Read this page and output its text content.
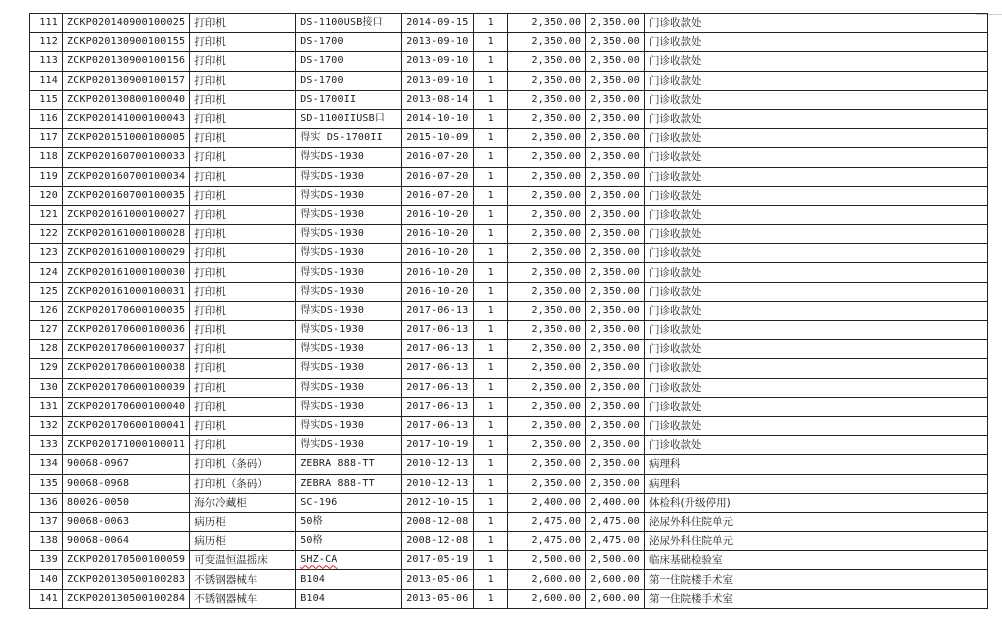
111	ZCKP020140900100025	打印机	DS-1100USB接口	2014-09-15	1	2,350.00	2,350.00	门诊收款处
112	ZCKP020130900100155	打印机	DS-1700	2013-09-10	1	2,350.00	2,350.00	门诊收款处
113	ZCKP020130900100156	打印机	DS-1700	2013-09-10	1	2,350.00	2,350.00	门诊收款处
114	ZCKP020130900100157	打印机	DS-1700	2013-09-10	1	2,350.00	2,350.00	门诊收款处
115	ZCKP020130800100040	打印机	DS-1700II	2013-08-14	1	2,350.00	2,350.00	门诊收款处
116	ZCKP020141000100043	打印机	SD-1100IIUSB口	2014-10-10	1	2,350.00	2,350.00	门诊收款处
117	ZCKP020151000100005	打印机	得实 DS-1700II	2015-10-09	1	2,350.00	2,350.00	门诊收款处
118	ZCKP020160700100033	打印机	得实DS-1930	2016-07-20	1	2,350.00	2,350.00	门诊收款处
119	ZCKP020160700100034	打印机	得实DS-1930	2016-07-20	1	2,350.00	2,350.00	门诊收款处
120	ZCKP020160700100035	打印机	得实DS-1930	2016-07-20	1	2,350.00	2,350.00	门诊收款处
121	ZCKP020161000100027	打印机	得实DS-1930	2016-10-20	1	2,350.00	2,350.00	门诊收款处
122	ZCKP020161000100028	打印机	得实DS-1930	2016-10-20	1	2,350.00	2,350.00	门诊收款处
123	ZCKP020161000100029	打印机	得实DS-1930	2016-10-20	1	2,350.00	2,350.00	门诊收款处
124	ZCKP020161000100030	打印机	得实DS-1930	2016-10-20	1	2,350.00	2,350.00	门诊收款处
125	ZCKP020161000100031	打印机	得实DS-1930	2016-10-20	1	2,350.00	2,350.00	门诊收款处
126	ZCKP020170600100035	打印机	得实DS-1930	2017-06-13	1	2,350.00	2,350.00	门诊收款处
127	ZCKP020170600100036	打印机	得实DS-1930	2017-06-13	1	2,350.00	2,350.00	门诊收款处
128	ZCKP020170600100037	打印机	得实DS-1930	2017-06-13	1	2,350.00	2,350.00	门诊收款处
129	ZCKP020170600100038	打印机	得实DS-1930	2017-06-13	1	2,350.00	2,350.00	门诊收款处
130	ZCKP020170600100039	打印机	得实DS-1930	2017-06-13	1	2,350.00	2,350.00	门诊收款处
131	ZCKP020170600100040	打印机	得实DS-1930	2017-06-13	1	2,350.00	2,350.00	门诊收款处
132	ZCKP020170600100041	打印机	得实DS-1930	2017-06-13	1	2,350.00	2,350.00	门诊收款处
133	ZCKP020171000100011	打印机	得实DS-1930	2017-10-19	1	2,350.00	2,350.00	门诊收款处
134	90068-0967	打印机（条码）	ZEBRA 888-TT	2010-12-13	1	2,350.00	2,350.00	病理科
135	90068-0968	打印机（条码）	ZEBRA 888-TT	2010-12-13	1	2,350.00	2,350.00	病理科
136	80026-0050	海尔冷藏柜	SC-196	2012-10-15	1	2,400.00	2,400.00	体检科(升级停用)
137	90068-0063	病历柜	50格	2008-12-08	1	2,475.00	2,475.00	泌尿外科住院单元
138	90068-0064	病历柜	50格	2008-12-08	1	2,475.00	2,475.00	泌尿外科住院单元
139	ZCKP020170500100059	可变温恒温摇床	SHZ-CA	2017-05-19	1	2,500.00	2,500.00	临床基础检验室
140	ZCKP020130500100283	不锈钢器械车	B104	2013-05-06	1	2,600.00	2,600.00	第一住院楼手术室
141	ZCKP020130500100284	不锈钢器械车	B104	2013-05-06	1	2,600.00	2,600.00	第一住院楼手术室
